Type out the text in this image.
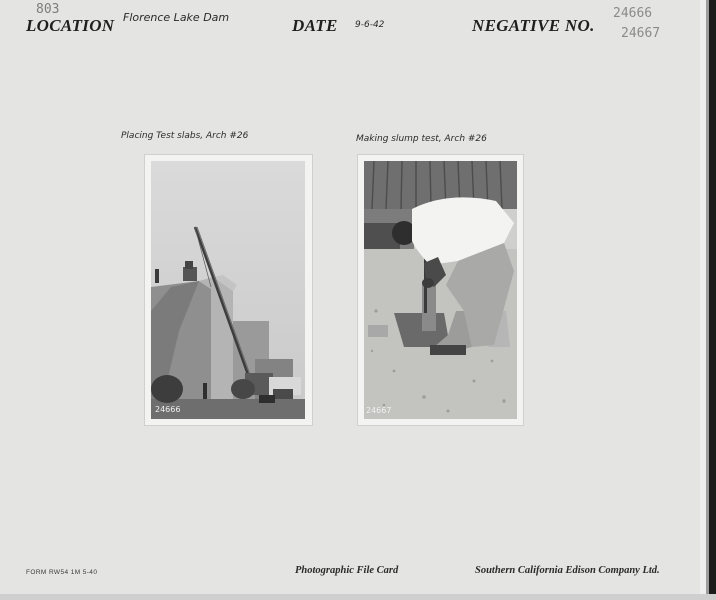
803
LOCATION Florence Lake Dam	DATE 9-6-42	NEGATIVE NO.
24666
24667
Placing Test slabs, Arch #26
24666
Making slump test, Arch #26
24667
FORM RW54 1M 5-40	Photographic File Card	Southern California Edison Company Ltd.
